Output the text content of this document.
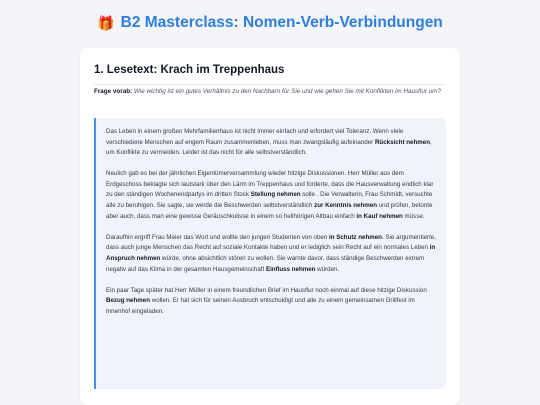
🎁 B2 Masterclass: Nomen-Verb-Verbindungen
1. Lesetext: Krach im Treppenhaus
Frage vorab: Wie wichtig ist ein gutes Verhältnis zu den Nachbarn für Sie und wie gehen Sie mit Konflikten im Hausflur um?

Das Leben in einem großen Mehrfamilienhaus ist nicht immer einfach und erfordert viel Toleranz. Wenn viele verschiedene Menschen auf engem Raum zusammenleben, muss man zwangsläufig aufeinander Rücksicht nehmen, um Konflikte zu vermeiden. Leider ist das nicht für alle selbstverständlich.

Neulich gab es bei der jährlichen Eigentümerversammlung wieder hitzige Diskussionen. Herr Müller aus dem Erdgeschoss beklagte sich lautstark über den Lärm im Treppenhaus und forderte, dass die Hausverwaltung endlich klar zu den ständigen Wochenendpartys im dritten Stock Stellung nehmen solle . Die Verwalterin, Frau Schmidt, versuchte alle zu beruhigen. Sie sagte, sie werde die Beschwerden selbstverständlich zur Kenntnis nehmen und prüfen, betonte aber auch, dass man eine gewisse Geräuschkulisse in einem so hellhörigen Altbau einfach in Kauf nehmen müsse.

Daraufhin ergriff Frau Meier das Wort und wollte den jungen Studenten von oben in Schutz nehmen. Sie argumentierte, dass auch junge Menschen das Recht auf soziale Kontakte haben und er lediglich sein Recht auf ein normales Leben in Anspruch nehmen würde, ohne absichtlich stören zu wollen. Sie warnte davor, dass ständige Beschwerden extrem negativ auf das Klima in der gesamten Hausgemeinschaft Einfluss nehmen würden.

Ein paar Tage später hat Herr Müller in einem freundlichen Brief im Hausflur noch einmal auf diese hitzige Diskussion Bezug nehmen wollen. Er hat sich für seinen Ausbruch entschuldigt und alle zu einem gemeinsamen Grillfest im Innenhof eingeladen.
